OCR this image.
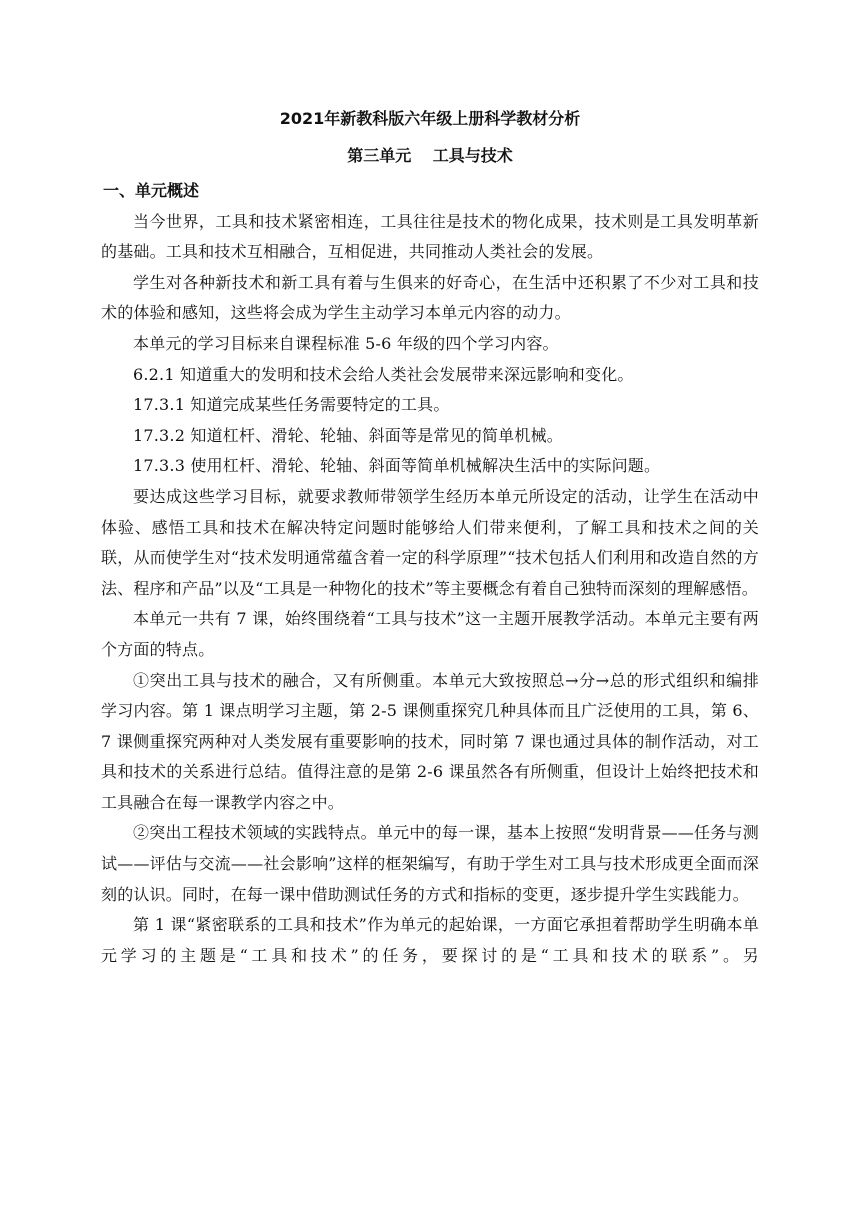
2021年新教科版六年级上册科学教材分析
第三单元　 工具与技术

一、单元概述

当今世界，工具和技术紧密相连，工具往往是技术的物化成果，技术则是工具发明革新的基础。工具和技术互相融合，互相促进，共同推动人类社会的发展。

学生对各种新技术和新工具有着与生俱来的好奇心，在生活中还积累了不少对工具和技术的体验和感知，这些将会成为学生主动学习本单元内容的动力。

本单元的学习目标来自课程标准 5-6 年级的四个学习内容。

6.2.1 知道重大的发明和技术会给人类社会发展带来深远影响和变化。

17.3.1 知道完成某些任务需要特定的工具。

17.3.2 知道杠杆、滑轮、轮轴、斜面等是常见的简单机械。

17.3.3 使用杠杆、滑轮、轮轴、斜面等简单机械解决生活中的实际问题。

要达成这些学习目标，就要求教师带领学生经历本单元所设定的活动，让学生在活动中体验、感悟工具和技术在解决特定问题时能够给人们带来便利，了解工具和技术之间的关联，从而使学生对“技术发明通常蕴含着一定的科学原理”“技术包括人们利用和改造自然的方法、程序和产品”以及“工具是一种物化的技术”等主要概念有着自己独特而深刻的理解感悟。

本单元一共有 7 课，始终围绕着“工具与技术”这一主题开展教学活动。本单元主要有两个方面的特点。

①突出工具与技术的融合，又有所侧重。本单元大致按照总→分→总的形式组织和编排学习内容。第 1 课点明学习主题，第 2-5 课侧重探究几种具体而且广泛使用的工具，第 6、7 课侧重探究两种对人类发展有重要影响的技术，同时第 7 课也通过具体的制作活动，对工具和技术的关系进行总结。值得注意的是第 2-6 课虽然各有所侧重，但设计上始终把技术和工具融合在每一课教学内容之中。

②突出工程技术领域的实践特点。单元中的每一课，基本上按照“发明背景——任务与测试——评估与交流——社会影响”这样的框架编写，有助于学生对工具与技术形成更全面而深刻的认识。同时，在每一课中借助测试任务的方式和指标的变更，逐步提升学生实践能力。

第 1 课“紧密联系的工具和技术”作为单元的起始课，一方面它承担着帮助学生明确本单元学习的主题是“工具和技术”的任务，要探讨的是“工具和技术的联系”。另
